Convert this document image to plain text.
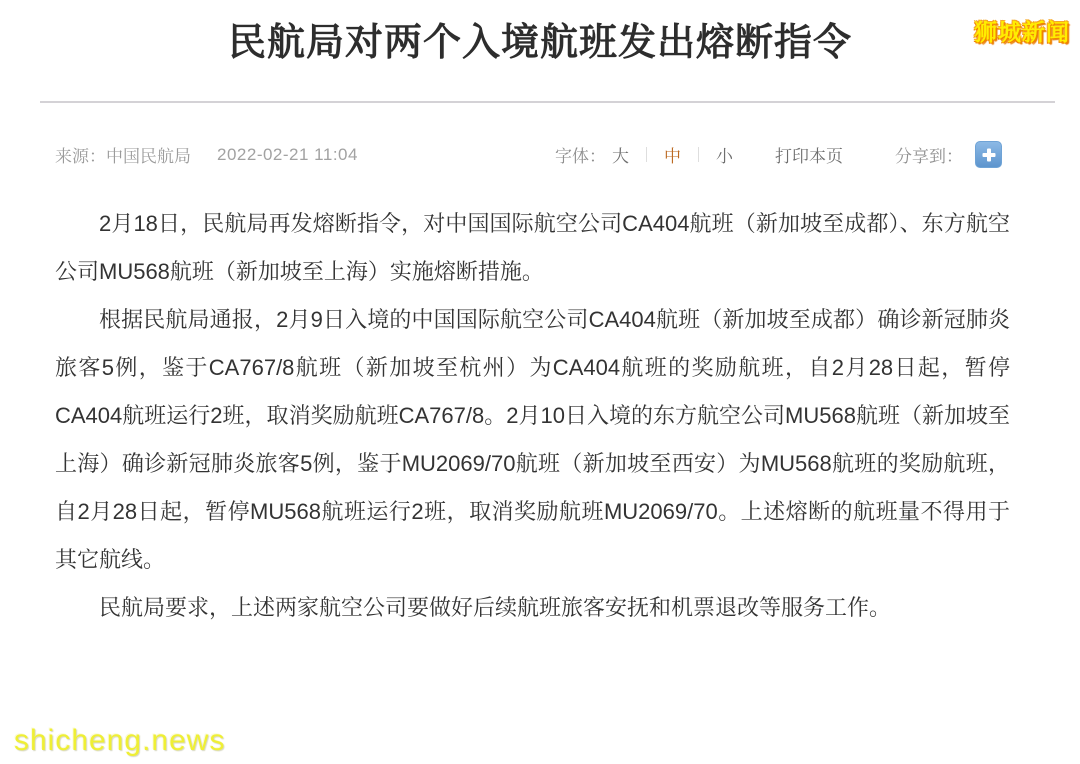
狮城新闻
民航局对两个入境航班发出熔断指令
来源： 中国民航局 2022-02-21 11:04	字体： 大 ｜ 中 ｜ 小 打印本页	分享到：

2月18日，民航局再发熔断指令，对中国国际航空公司CA404航班（新加坡至成都）、东方航空公司MU568航班（新加坡至上海）实施熔断措施。

根据民航局通报，2月9日入境的中国国际航空公司CA404航班（新加坡至成都）确诊新冠肺炎旅客5例，鉴于CA767/8航班（新加坡至杭州）为CA404航班的奖励航班，自2月28日起，暂停CA404航班运行2班，取消奖励航班CA767/8。2月10日入境的东方航空公司MU568航班（新加坡至上海）确诊新冠肺炎旅客5例，鉴于MU2069/70航班（新加坡至西安）为MU568航班的奖励航班，自2月28日起，暂停MU568航班运行2班，取消奖励航班MU2069/70。上述熔断的航班量不得用于其它航线。

民航局要求，上述两家航空公司要做好后续航班旅客安抚和机票退改等服务工作。

shicheng.news
